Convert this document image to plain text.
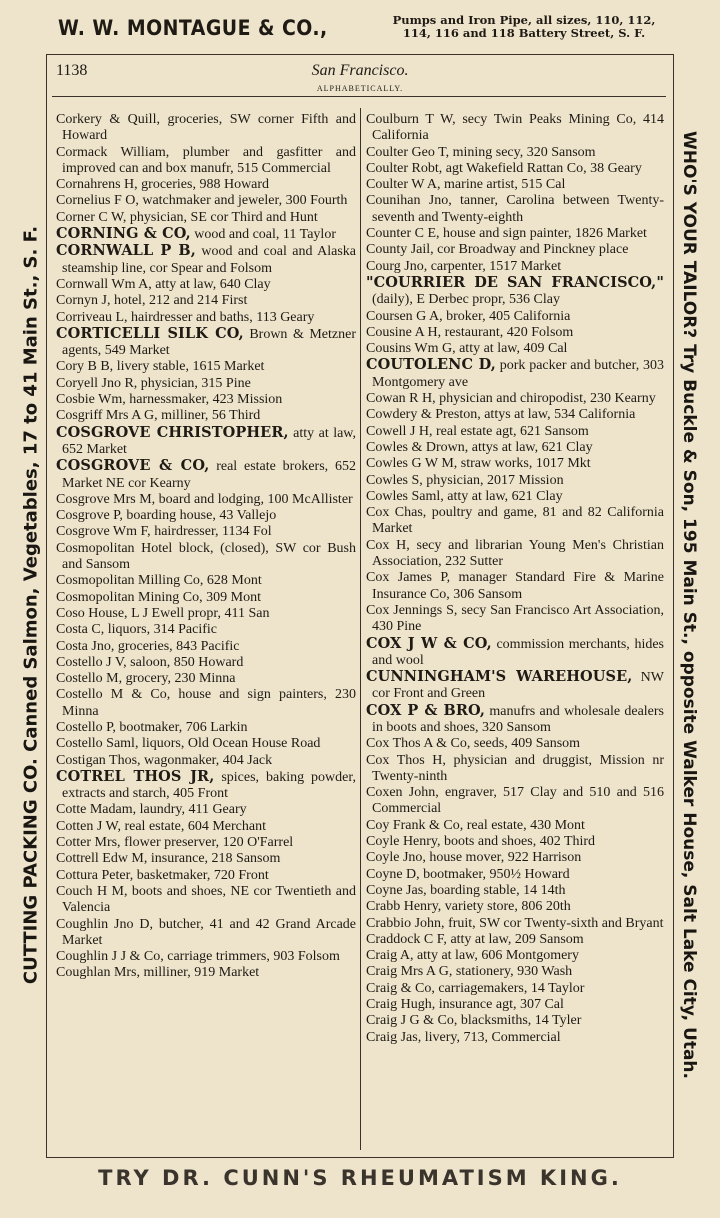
W. W. MONTAGUE & CO.,	Pumps and Iron Pipe, all sizes, 110, 112,
114, 116 and 118 Battery Street, S. F.
CUTTING PACKING CO. Canned Salmon, Vegetables, 17 to 41 Main St., S. F.	WHO'S YOUR TAILOR? Try Buckle & Son, 195 Main St., opposite Walker House, Salt Lake City, Utah.
1138	San Francisco.
ALPHABETICALLY.
Corkery & Quill, groceries, SW corner Fifth and Howard
Cormack William, plumber and gasfitter and improved can and box manufr, 515 Commercial
Cornahrens H, groceries, 988 Howard
Cornelius F O, watchmaker and jeweler, 300 Fourth
Corner C W, physician, SE cor Third and Hunt
CORNING & CO, wood and coal, 11 Taylor
CORNWALL P B, wood and coal and Alaska steamship line, cor Spear and Folsom
Cornwall Wm A, atty at law, 640 Clay
Cornyn J, hotel, 212 and 214 First
Corriveau L, hairdresser and baths, 113 Geary
CORTICELLI SILK CO, Brown & Metzner agents, 549 Market
Cory B B, livery stable, 1615 Market
Coryell Jno R, physician, 315 Pine
Cosbie Wm, harnessmaker, 423 Mission
Cosgriff Mrs A G, milliner, 56 Third
COSGROVE CHRISTOPHER, atty at law, 652 Market
COSGROVE & CO, real estate brokers, 652 Market NE cor Kearny
Cosgrove Mrs M, board and lodging, 100 McAllister
Cosgrove P, boarding house, 43 Vallejo
Cosgrove Wm F, hairdresser, 1134 Fol
Cosmopolitan Hotel block, (closed), SW cor Bush and Sansom
Cosmopolitan Milling Co, 628 Mont
Cosmopolitan Mining Co, 309 Mont
Coso House, L J Ewell propr, 411 San
Costa C, liquors, 314 Pacific
Costa Jno, groceries, 843 Pacific
Costello J V, saloon, 850 Howard
Costello M, grocery, 230 Minna
Costello M & Co, house and sign painters, 230 Minna
Costello P, bootmaker, 706 Larkin
Costello Saml, liquors, Old Ocean House Road
Costigan Thos, wagonmaker, 404 Jack
COTREL THOS JR, spices, baking powder, extracts and starch, 405 Front
Cotte Madam, laundry, 411 Geary
Cotten J W, real estate, 604 Merchant
Cotter Mrs, flower preserver, 120 O'Farrel
Cottrell Edw M, insurance, 218 Sansom
Cottura Peter, basketmaker, 720 Front
Couch H M, boots and shoes, NE cor Twentieth and Valencia
Coughlin Jno D, butcher, 41 and 42 Grand Arcade Market
Coughlin J J & Co, carriage trimmers, 903 Folsom
Coughlan Mrs, milliner, 919 Market
Coulburn T W, secy Twin Peaks Mining Co, 414 California
Coulter Geo T, mining secy, 320 Sansom
Coulter Robt, agt Wakefield Rattan Co, 38 Geary
Coulter W A, marine artist, 515 Cal
Counihan Jno, tanner, Carolina between Twenty-seventh and Twenty-eighth
Counter C E, house and sign painter, 1826 Market
County Jail, cor Broadway and Pinckney place
Courg Jno, carpenter, 1517 Market
"COURRIER DE SAN FRANCISCO," (daily), E Derbec propr, 536 Clay
Coursen G A, broker, 405 California
Cousine A H, restaurant, 420 Folsom
Cousins Wm G, atty at law, 409 Cal
COUTOLENC D, pork packer and butcher, 303 Montgomery ave
Cowan R H, physician and chiropodist, 230 Kearny
Cowdery & Preston, attys at law, 534 California
Cowell J H, real estate agt, 621 Sansom
Cowles & Drown, attys at law, 621 Clay
Cowles G W M, straw works, 1017 Mkt
Cowles S, physician, 2017 Mission
Cowles Saml, atty at law, 621 Clay
Cox Chas, poultry and game, 81 and 82 California Market
Cox H, secy and librarian Young Men's Christian Association, 232 Sutter
Cox James P, manager Standard Fire & Marine Insurance Co, 306 Sansom
Cox Jennings S, secy San Francisco Art Association, 430 Pine
COX J W & CO, commission merchants, hides and wool
CUNNINGHAM'S WAREHOUSE, NW cor Front and Green
COX P & BRO, manufrs and wholesale dealers in boots and shoes, 320 Sansom
Cox Thos A & Co, seeds, 409 Sansom
Cox Thos H, physician and druggist, Mission nr Twenty-ninth
Coxen John, engraver, 517 Clay and 510 and 516 Commercial
Coy Frank & Co, real estate, 430 Mont
Coyle Henry, boots and shoes, 402 Third
Coyle Jno, house mover, 922 Harrison
Coyne D, bootmaker, 950½ Howard
Coyne Jas, boarding stable, 14 14th
Crabb Henry, variety store, 806 20th
Crabbio John, fruit, SW cor Twenty-sixth and Bryant
Craddock C F, atty at law, 209 Sansom
Craig A, atty at law, 606 Montgomery
Craig Mrs A G, stationery, 930 Wash
Craig & Co, carriagemakers, 14 Taylor
Craig Hugh, insurance agt, 307 Cal
Craig J G & Co, blacksmiths, 14 Tyler
Craig Jas, livery, 713, Commercial
TRY DR. CUNN'S RHEUMATISM KING.
